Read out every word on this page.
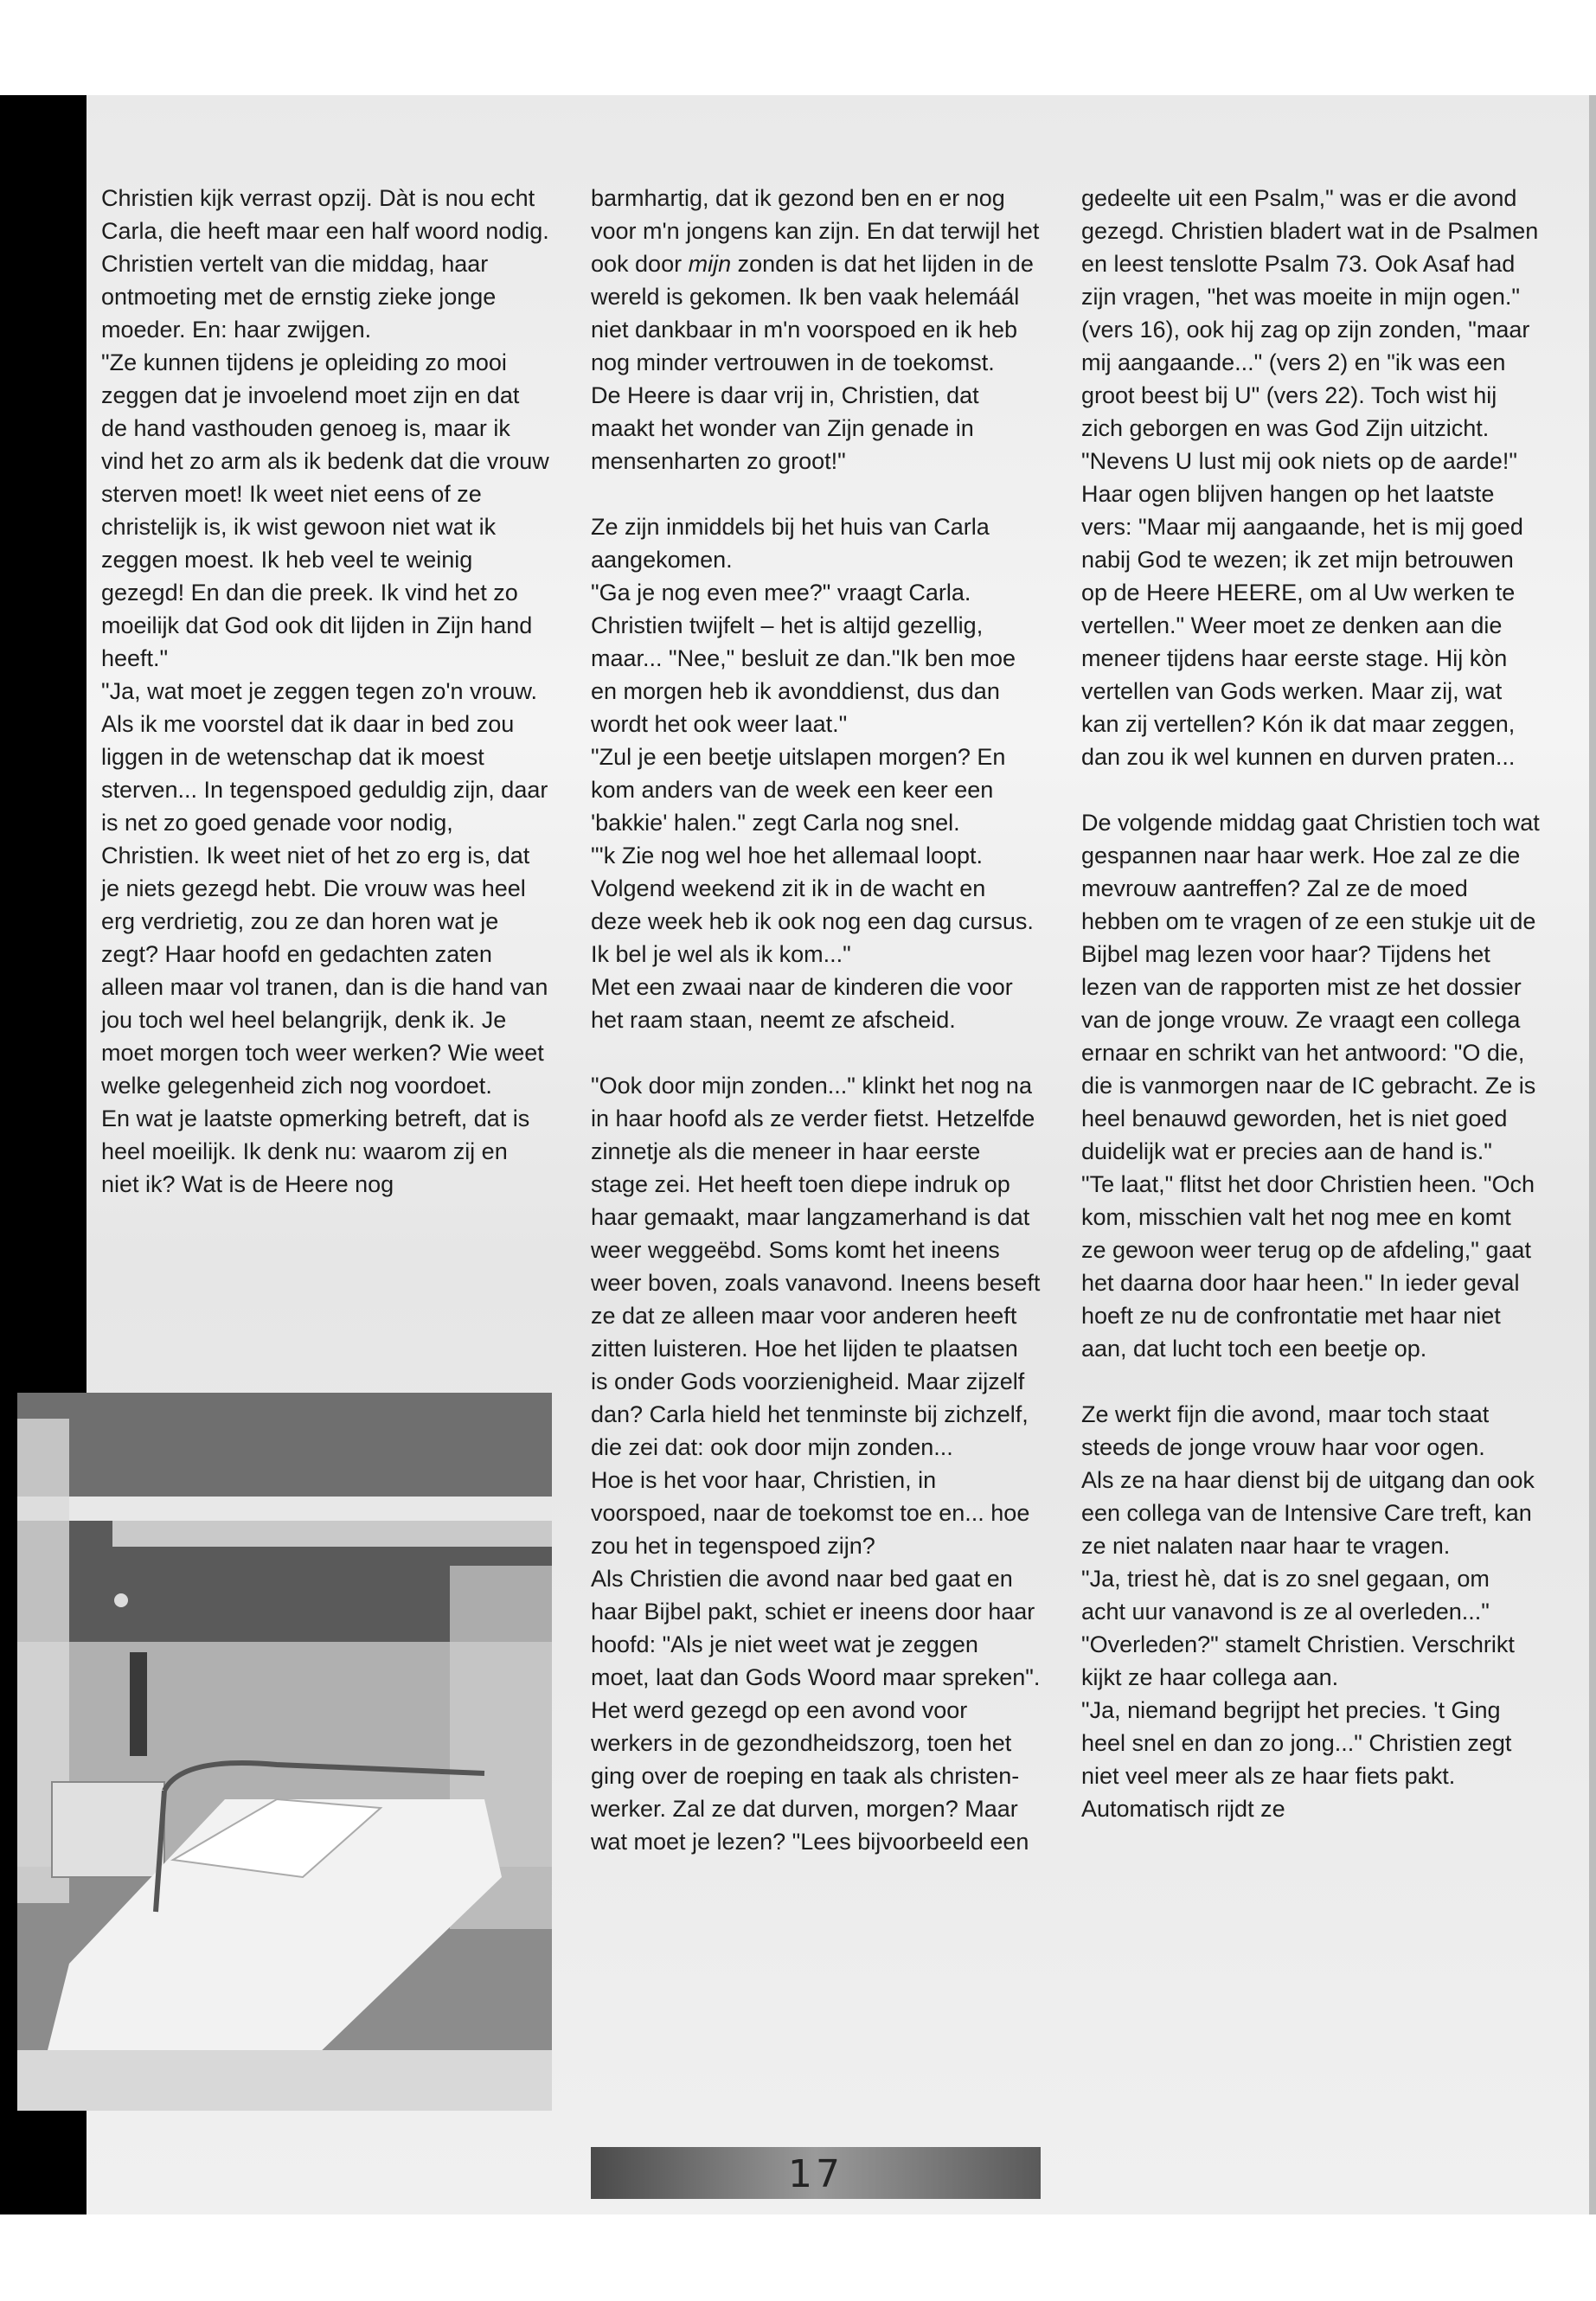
Christien kijk verrast opzij. Dàt is nou echt Carla, die heeft maar een half woord nodig.

Christien vertelt van die middag, haar ontmoeting met de ernstig zieke jonge moeder. En: haar zwijgen.

"Ze kunnen tijdens je opleiding zo mooi zeggen dat je invoelend moet zijn en dat de hand vasthouden genoeg is, maar ik vind het zo arm als ik bedenk dat die vrouw sterven moet! Ik weet niet eens of ze christelijk is, ik wist gewoon niet wat ik zeggen moest. Ik heb veel te weinig gezegd! En dan die preek. Ik vind het zo moeilijk dat God ook dit lijden in Zijn hand heeft."

"Ja, wat moet je zeggen tegen zo'n vrouw. Als ik me voorstel dat ik daar in bed zou liggen in de wetenschap dat ik moest sterven... In tegenspoed geduldig zijn, daar is net zo goed genade voor nodig, Christien. Ik weet niet of het zo erg is, dat je niets gezegd hebt. Die vrouw was heel erg verdrietig, zou ze dan horen wat je zegt? Haar hoofd en gedachten zaten alleen maar vol tranen, dan is die hand van jou toch wel heel belangrijk, denk ik. Je moet morgen toch weer werken? Wie weet welke gelegenheid zich nog voordoet.

En wat je laatste opmerking betreft, dat is heel moeilijk. Ik denk nu: waarom zij en niet ik? Wat is de Heere nog

barmhartig, dat ik gezond ben en er nog voor m'n jongens kan zijn. En dat terwijl het ook door mijn zonden is dat het lijden in de wereld is gekomen. Ik ben vaak helemáál niet dankbaar in m'n voorspoed en ik heb nog minder vertrouwen in de toekomst.

De Heere is daar vrij in, Christien, dat maakt het wonder van Zijn genade in mensenharten zo groot!"

Ze zijn inmiddels bij het huis van Carla aangekomen.

"Ga je nog even mee?" vraagt Carla. Christien twijfelt – het is altijd gezellig, maar... "Nee," besluit ze dan."Ik ben moe en morgen heb ik avonddienst, dus dan wordt het ook weer laat."

"Zul je een beetje uitslapen morgen? En kom anders van de week een keer een 'bakkie' halen." zegt Carla nog snel.

"'k Zie nog wel hoe het allemaal loopt. Volgend weekend zit ik in de wacht en deze week heb ik ook nog een dag cursus. Ik bel je wel als ik kom..."

Met een zwaai naar de kinderen die voor het raam staan, neemt ze afscheid.

"Ook door mijn zonden..." klinkt het nog na in haar hoofd als ze verder fietst. Hetzelfde zinnetje als die meneer in haar eerste stage zei. Het heeft toen diepe indruk op haar gemaakt, maar langzamerhand is dat weer weggeëbd. Soms komt het ineens weer boven, zoals vanavond. Ineens beseft ze dat ze alleen maar voor anderen heeft zitten luisteren. Hoe het lijden te plaatsen is onder Gods voorzienigheid. Maar zijzelf dan? Carla hield het tenminste bij zichzelf, die zei dat: ook door mijn zonden...

Hoe is het voor haar, Christien, in voorspoed, naar de toekomst toe en... hoe zou het in tegenspoed zijn?

Als Christien die avond naar bed gaat en haar Bijbel pakt, schiet er ineens door haar hoofd: "Als je niet weet wat je zeggen moet, laat dan Gods Woord maar spreken". Het werd gezegd op een avond voor werkers in de gezondheidszorg, toen het ging over de roeping en taak als christen-werker. Zal ze dat durven, morgen? Maar wat moet je lezen? "Lees bijvoorbeeld een

gedeelte uit een Psalm," was er die avond gezegd. Christien bladert wat in de Psalmen en leest tenslotte Psalm 73. Ook Asaf had zijn vragen, "het was moeite in mijn ogen." (vers 16), ook hij zag op zijn zonden, "maar mij aangaande..." (vers 2) en "ik was een groot beest bij U" (vers 22). Toch wist hij zich geborgen en was God Zijn uitzicht. "Nevens U lust mij ook niets op de aarde!" Haar ogen blijven hangen op het laatste vers: "Maar mij aangaande, het is mij goed nabij God te wezen; ik zet mijn betrouwen op de Heere HEERE, om al Uw werken te vertellen." Weer moet ze denken aan die meneer tijdens haar eerste stage. Hij kòn vertellen van Gods werken. Maar zij, wat kan zij vertellen? Kón ik dat maar zeggen, dan zou ik wel kunnen en durven praten...

De volgende middag gaat Christien toch wat gespannen naar haar werk. Hoe zal ze die mevrouw aantreffen? Zal ze de moed hebben om te vragen of ze een stukje uit de Bijbel mag lezen voor haar? Tijdens het lezen van de rapporten mist ze het dossier van de jonge vrouw. Ze vraagt een collega ernaar en schrikt van het antwoord: "O die, die is vanmorgen naar de IC gebracht. Ze is heel benauwd geworden, het is niet goed duidelijk wat er precies aan de hand is."

"Te laat," flitst het door Christien heen. "Och kom, misschien valt het nog mee en komt ze gewoon weer terug op de afdeling," gaat het daarna door haar heen." In ieder geval hoeft ze nu de confrontatie met haar niet aan, dat lucht toch een beetje op.

Ze werkt fijn die avond, maar toch staat steeds de jonge vrouw haar voor ogen.

Als ze na haar dienst bij de uitgang dan ook een collega van de Intensive Care treft, kan ze niet nalaten naar haar te vragen.

"Ja, triest hè, dat is zo snel gegaan, om acht uur vanavond is ze al overleden..." "Overleden?" stamelt Christien. Verschrikt kijkt ze haar collega aan.

"Ja, niemand begrijpt het precies. 't Ging heel snel en dan zo jong..." Christien zegt niet veel meer als ze haar fiets pakt. Automatisch rijdt ze

17
